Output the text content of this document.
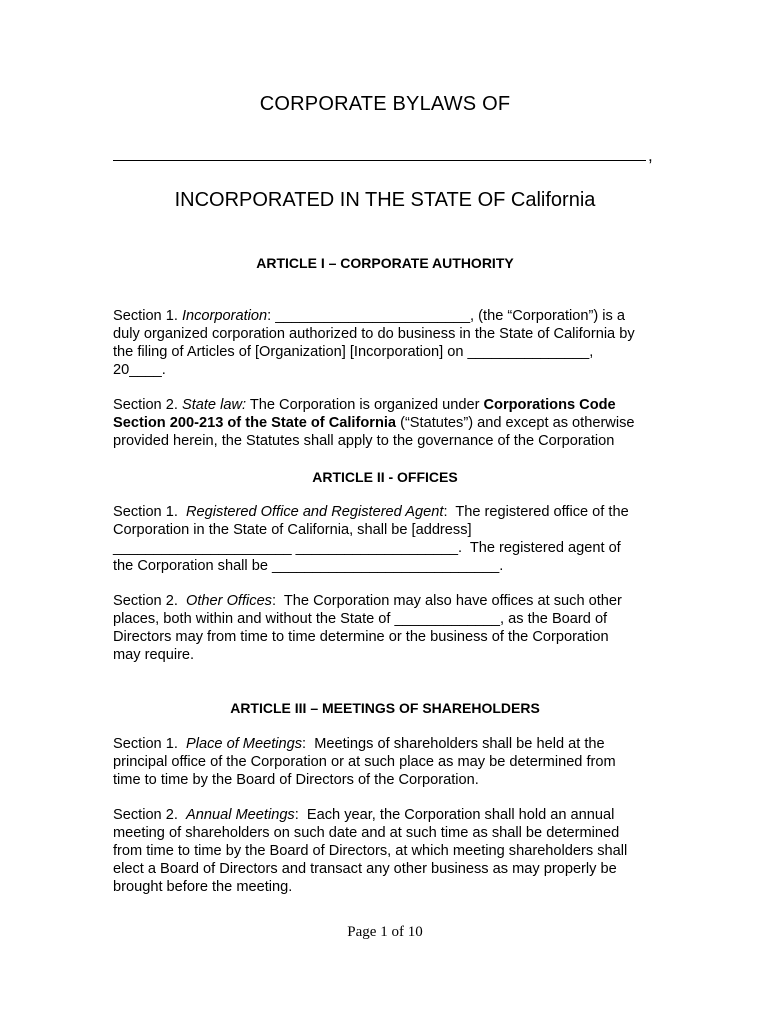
CORPORATE BYLAWS OF
,
INCORPORATED IN THE STATE OF California
ARTICLE I – CORPORATE AUTHORITY
Section 1. Incorporation: ________________________, (the “Corporation”) is a
duly organized corporation authorized to do business in the State of California by
the filing of Articles of [Organization] [Incorporation] on _______________,
20____.
Section 2. State law: The Corporation is organized under Corporations Code
Section 200-213 of the State of California (“Statutes”) and except as otherwise
provided herein, the Statutes shall apply to the governance of the Corporation
ARTICLE II - OFFICES
Section 1.  Registered Office and Registered Agent:  The registered office of the
Corporation in the State of California, shall be [address]
______________________ ____________________.  The registered agent of
the Corporation shall be ____________________________.
Section 2.  Other Offices:  The Corporation may also have offices at such other
places, both within and without the State of _____________, as the Board of
Directors may from time to time determine or the business of the Corporation
may require.
ARTICLE III – MEETINGS OF SHAREHOLDERS
Section 1.  Place of Meetings:  Meetings of shareholders shall be held at the
principal office of the Corporation or at such place as may be determined from
time to time by the Board of Directors of the Corporation.
Section 2.  Annual Meetings:  Each year, the Corporation shall hold an annual
meeting of shareholders on such date and at such time as shall be determined
from time to time by the Board of Directors, at which meeting shareholders shall
elect a Board of Directors and transact any other business as may properly be
brought before the meeting.
Page 1 of 10
